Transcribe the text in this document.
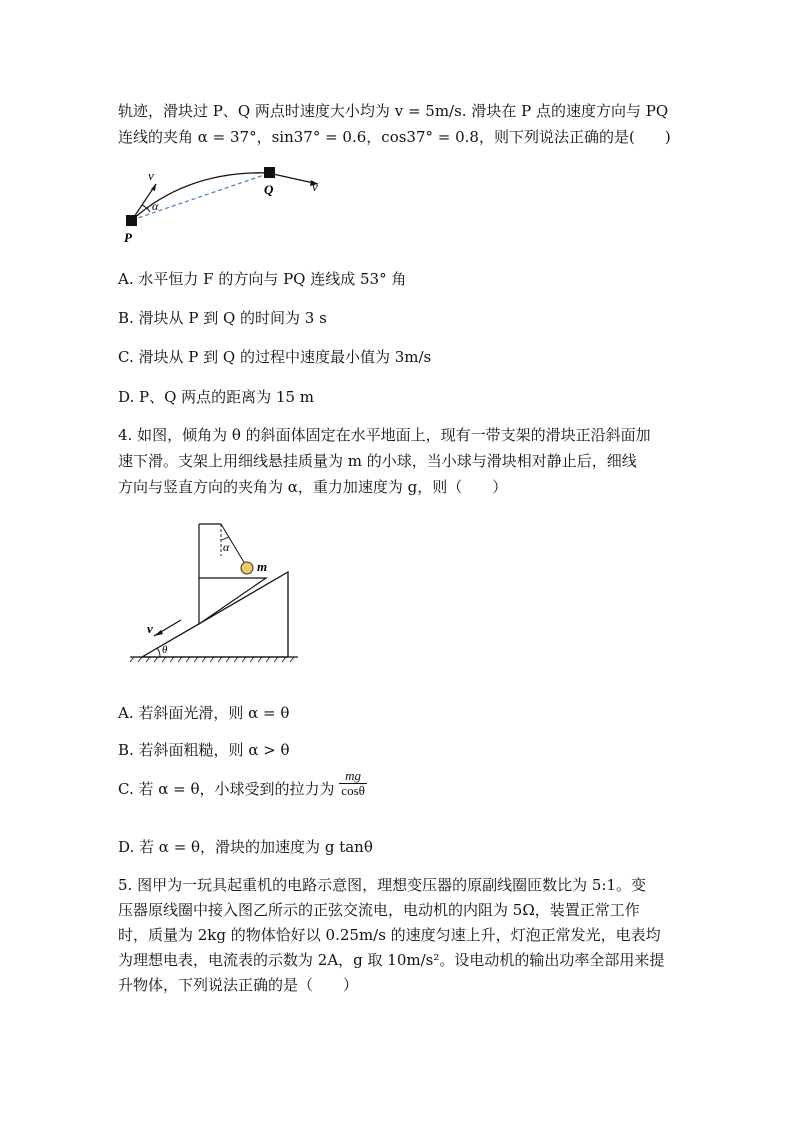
轨迹，滑块过 P、Q 两点时速度大小均为 v = 5m/s. 滑块在 P 点的速度方向与 PQ
连线的夹角 α = 37°，sin37° = 0.6，cos37° = 0.8，则下列说法正确的是(　　)
v
α
P
Q	v
A. 水平恒力 F 的方向与 PQ 连线成 53° 角
B. 滑块从 P 到 Q 的时间为 3 s
C. 滑块从 P 到 Q 的过程中速度最小值为 3m/s
D. P、Q 两点的距离为 15 m
4. 如图，倾角为 θ 的斜面体固定在水平地面上，现有一带支架的滑块正沿斜面加
速下滑。支架上用细线悬挂质量为 m 的小球，当小球与滑块相对静止后，细线
方向与竖直方向的夹角为 α，重力加速度为 g，则（　　）
α
m
v
θ
A. 若斜面光滑，则 α = θ
B. 若斜面粗糙，则 α > θ
C. 若 α = θ，小球受到的拉力为 $\frac{mg}{\cos\theta}$
D. 若 α = θ，滑块的加速度为 g tanθ
5. 图甲为一玩具起重机的电路示意图，理想变压器的原副线圈匝数比为 5:1。变
压器原线圈中接入图乙所示的正弦交流电，电动机的内阻为 5Ω，装置正常工作
时，质量为 2kg 的物体恰好以 0.25m/s 的速度匀速上升，灯泡正常发光，电表均
为理想电表，电流表的示数为 2A，g 取 10m/s²。设电动机的输出功率全部用来提
升物体，下列说法正确的是（　　）
